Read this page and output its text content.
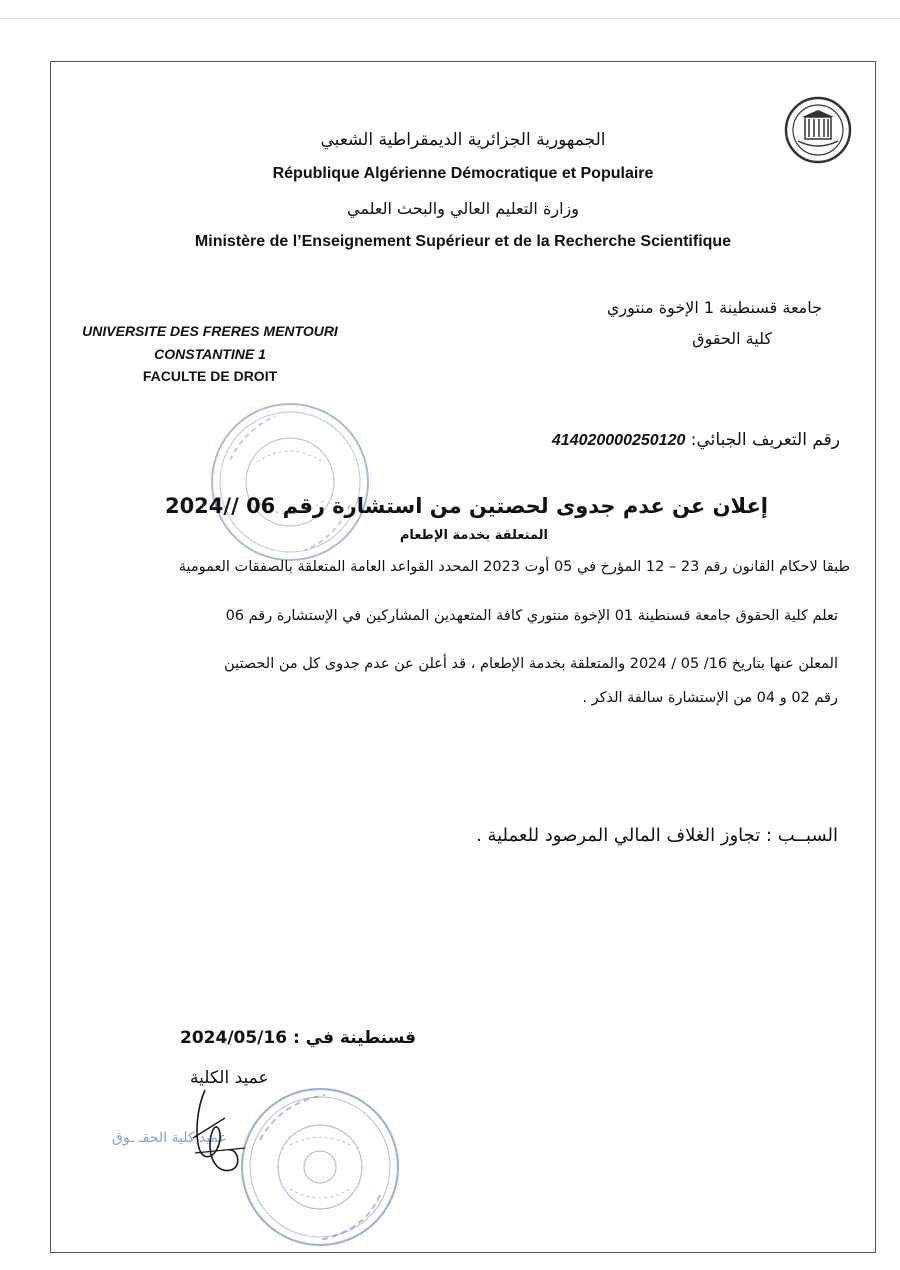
الجمهورية الجزائرية الديمقراطية الشعبي
République Algérienne Démocratique et Populaire
وزارة التعليم العالي والبحث العلمي
Ministère de l’Enseignement Supérieur et de la Recherche Scientifique
جامعة قسنطينة 1 الإخوة منتوري
كلية الحقوق
UNIVERSITE DES FRERES MENTOURI
CONSTANTINE 1
FACULTE DE DROIT
رقم التعريف الجبائي: 414020000250120
إعلان عن عدم جدوى لحصتين من استشارة رقم 06 //2024
المتعلقة بخدمة الإطعام
طبقا لاحكام القانون رقم 23 – 12 المؤرخ في 05 أوت 2023 المحدد القواعد العامة المتعلقة بالصفقات العمومية
تعلم كلية الحقوق جامعة قسنطينة 01 الإخوة منتوري كافة المتعهدين المشاركين في الإستشارة رقم 06
المعلن عنها بتاريخ 16/ 05 / 2024 والمتعلقة بخدمة الإطعام ، قد أعلن عن عدم جدوى كل من الحصتين
رقم 02 و 04 من الإستشارة سالفة الذكر .
السبــب : تجاوز الغلاف المالي المرصود للعملية .
قسنطينة في : 2024/05/16
عميد الكلية
عميد كلية الحقـ ـوق
